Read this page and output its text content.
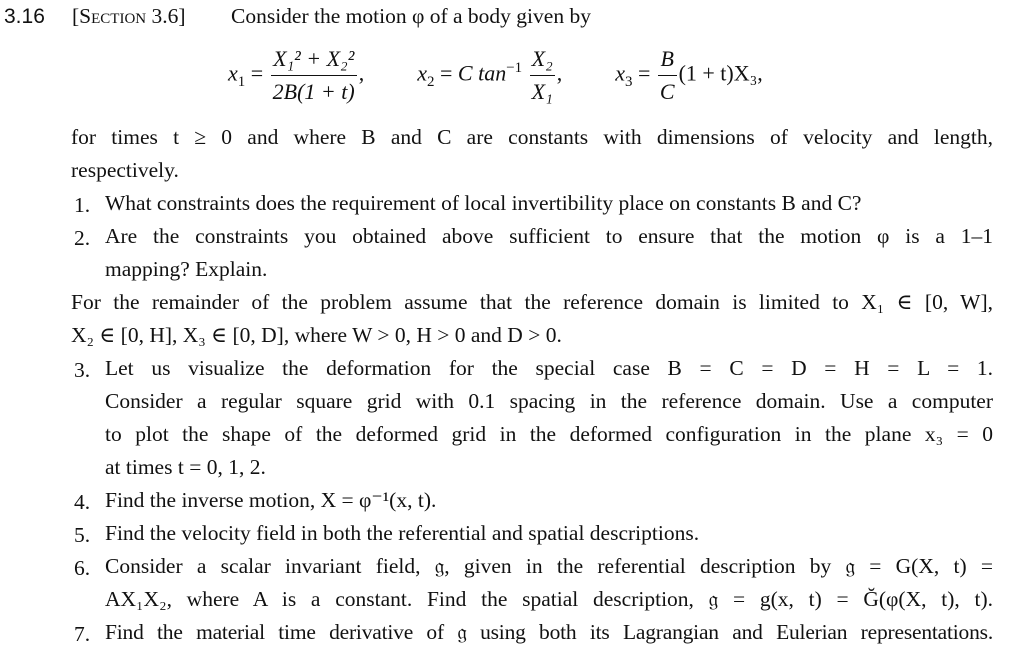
3.16 [Section 3.6] Consider the motion φ of a body given by
$x_1 = \frac{\text{X₁² + X₂²}}{2B(1 + t)}$ , $x_2 = C$ $\tan^{-1} \frac{\text{X₂}}{\text{X₁}}$ , $x_3 = \frac{B}{C} (1 + t)X_3$,
for times t ≥ 0 and where B and C are constants with dimensions of velocity and length,
respectively.
1. What constraints does the requirement of local invertibility place on constants B and C?
2. Are the constraints you obtained above sufficient to ensure that the motion φ is a 1–1
mapping? Explain.
For the remainder of the problem assume that the reference domain is limited to X₁ ∈ [0, W],
X₂ ∈ [0, H], X₃ ∈ [0, D], where W > 0, H > 0 and D > 0.
3. Let us visualize the deformation for the special case B = C = D = H = L = 1.
Consider a regular square grid with 0.1 spacing in the reference domain. Use a computer
to plot the shape of the deformed grid in the deformed configuration in the plane x₃ = 0
at times t = 0, 1, 2.
4. Find the inverse motion, X = φ⁻¹(x, t).
5. Find the velocity field in both the referential and spatial descriptions.
6. Consider a scalar invariant field, 𝔤, given in the referential description by 𝔤 = G(X, t) =
AX₁X₂, where A is a constant. Find the spatial description, 𝔤 = g(x, t) = Ğ(φ(X, t), t).
7. Find the material time derivative of 𝔤 using both its Lagrangian and Eulerian representations.
